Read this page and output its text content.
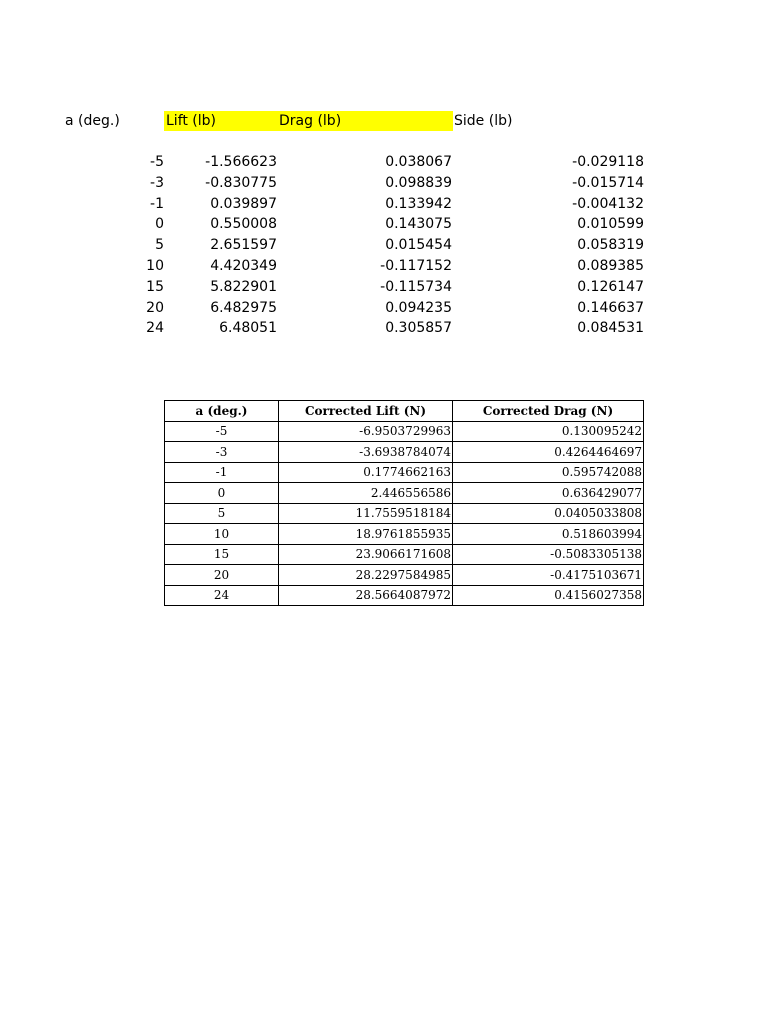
a (deg.)	Lift (lb)	Drag (lb)	Side (lb)
-5	-1.566623	0.038067	-0.029118
-3	-0.830775	0.098839	-0.015714
-1	0.039897	0.133942	-0.004132
0	0.550008	0.143075	0.010599
5	2.651597	0.015454	0.058319
10	4.420349	-0.117152	0.089385
15	5.822901	-0.115734	0.126147
20	6.482975	0.094235	0.146637
24	6.48051	0.305857	0.084531
a (deg.)	Corrected Lift (N)	Corrected Drag (N)
-5	-6.9503729963	0.130095242
-3	-3.6938784074	0.4264464697
-1	0.1774662163	0.595742088
0	2.446556586	0.636429077
5	11.7559518184	0.0405033808
10	18.9761855935	0.518603994
15	23.9066171608	-0.5083305138
20	28.2297584985	-0.4175103671
24	28.5664087972	0.4156027358
